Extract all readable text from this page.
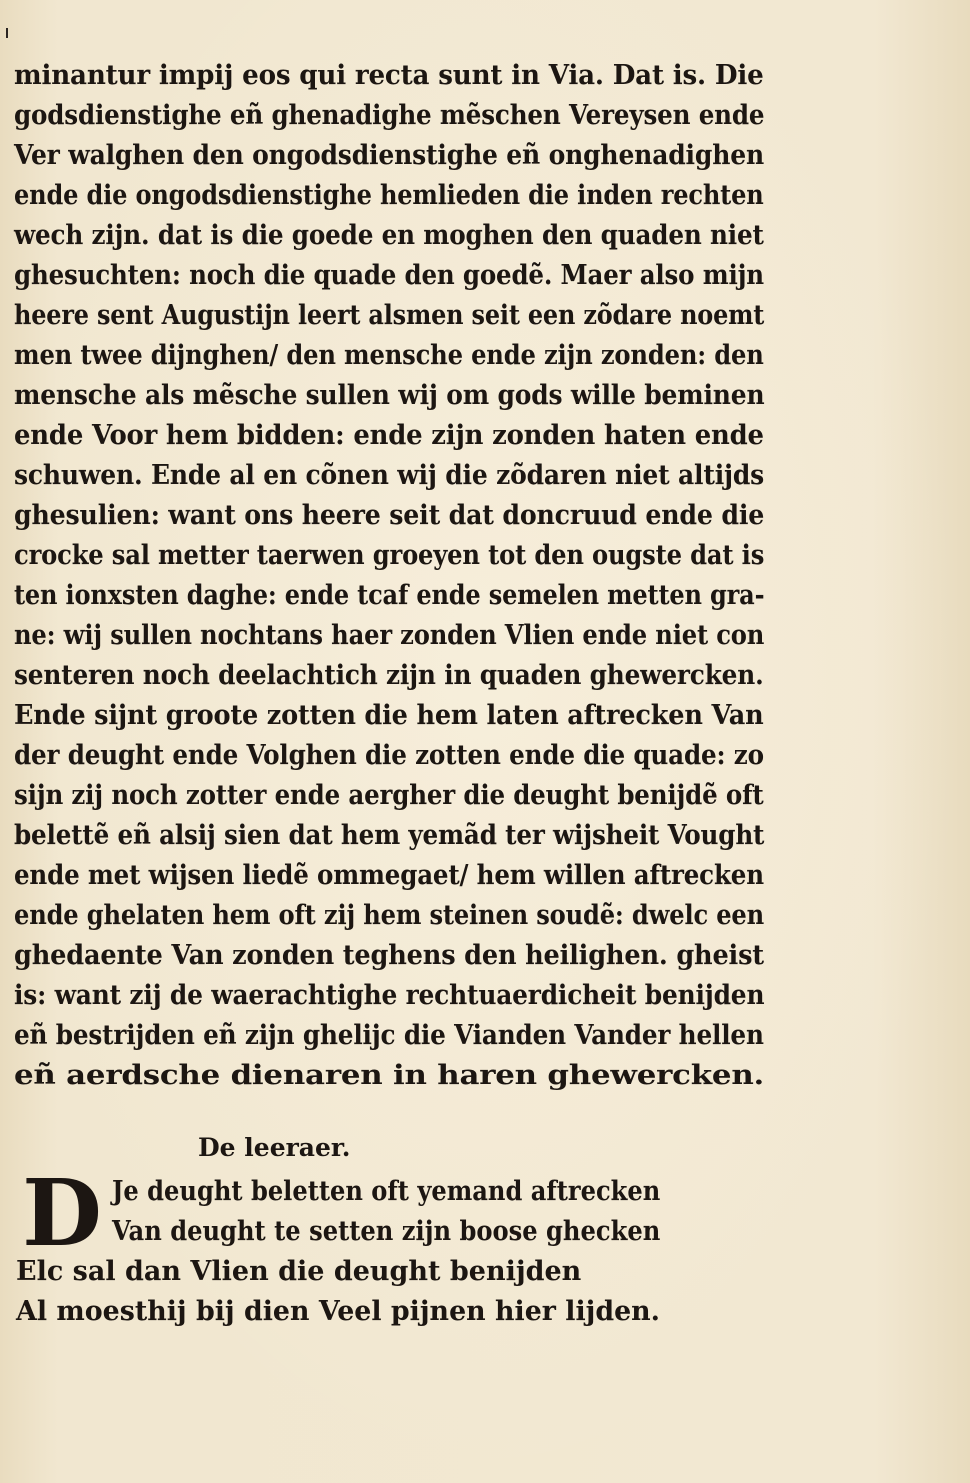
minantur impij eos qui recta sunt in Via. Dat is. Die
godsdienstighe eñ ghenadighe mẽschen Vereysen ende
Ver walghen den ongodsdienstighe eñ onghenadighen
ende die ongodsdienstighe hemlieden die inden rechten
wech zijn. dat is die goede en moghen den quaden niet
ghesuchten: noch die quade den goedẽ. Maer also mijn
heere sent Augustijn leert alsmen seit een zõdare noemt
men twee dijnghen/ den mensche ende zijn zonden: den
mensche als mẽsche sullen wij om gods wille beminen
ende Voor hem bidden: ende zijn zonden haten ende
schuwen. Ende al en cõnen wij die zõdaren niet altijds
ghesulien: want ons heere seit dat doncruud ende die
crocke sal metter taerwen groeyen tot den ougste dat is
ten ionxsten daghe: ende tcaf ende semelen metten gra-
ne: wij sullen nochtans haer zonden Vlien ende niet con
senteren noch deelachtich zijn in quaden ghewercken.
Ende sijnt groote zotten die hem laten aftrecken Van
der deught ende Volghen die zotten ende die quade: zo
sijn zij noch zotter ende aergher die deught benijdẽ oft
belettẽ eñ alsij sien dat hem yemãd ter wijsheit Vought
ende met wijsen liedẽ ommegaet/ hem willen aftrecken
ende ghelaten hem oft zij hem steinen soudẽ: dwelc een
ghedaente Van zonden teghens den heilighen. gheist
is: want zij de waerachtighe rechtuaerdicheit benijden
eñ bestrijden eñ zijn ghelijc die Vianden Vander hellen
eñ aerdsche dienaren in haren ghewercken.
De leeraer.
D Je deught beletten oft yemand aftrecken
Van deught te setten zijn boose ghecken
Elc sal dan Vlien die deught benijden
Al moesthij bij dien Veel pijnen hier lijden.
